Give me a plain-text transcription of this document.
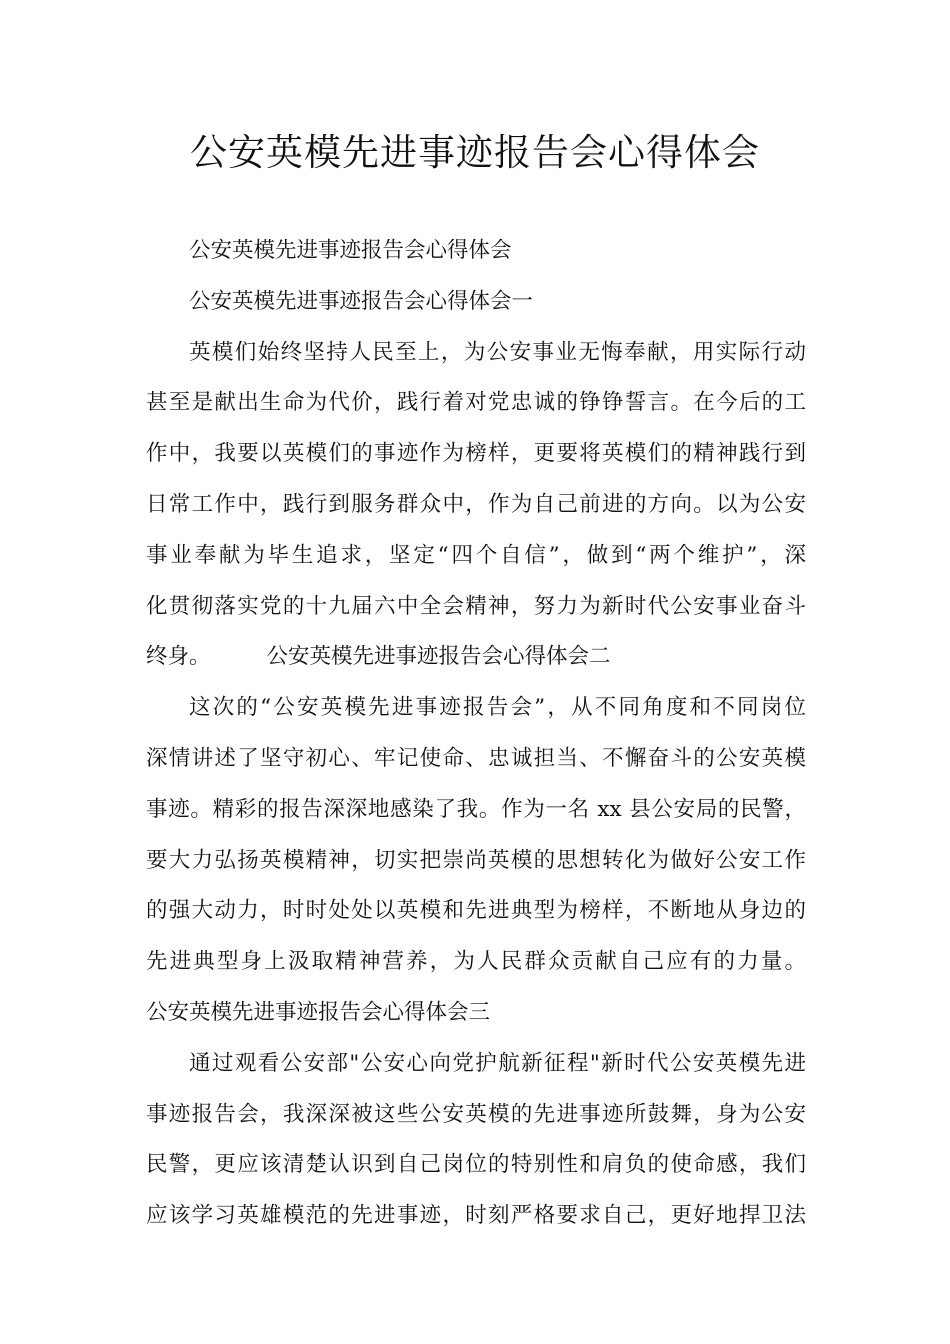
公安英模先进事迹报告会心得体会
公安英模先进事迹报告会心得体会
公安英模先进事迹报告会心得体会一
英模们始终坚持人民至上，为公安事业无悔奉献，用实际行动
甚至是献出生命为代价，践行着对党忠诚的铮铮誓言。在今后的工
作中，我要以英模们的事迹作为榜样，更要将英模们的精神践行到
日常工作中，践行到服务群众中，作为自己前进的方向。以为公安
事业奉献为毕生追求，坚定“四个自信”，做到“两个维护”，深
化贯彻落实党的十九届六中全会精神，努力为新时代公安事业奋斗
终身。	公安英模先进事迹报告会心得体会二
这次的“公安英模先进事迹报告会”，从不同角度和不同岗位
深情讲述了坚守初心、牢记使命、忠诚担当、不懈奋斗的公安英模
事迹。精彩的报告深深地感染了我。作为一名 xx 县公安局的民警，
要大力弘扬英模精神，切实把崇尚英模的思想转化为做好公安工作
的强大动力，时时处处以英模和先进典型为榜样，不断地从身边的
先进典型身上汲取精神营养，为人民群众贡献自己应有的力量。
公安英模先进事迹报告会心得体会三
通过观看公安部"公安心向党护航新征程"新时代公安英模先进
事迹报告会，我深深被这些公安英模的先进事迹所鼓舞，身为公安
民警，更应该清楚认识到自己岗位的特别性和肩负的使命感，我们
应该学习英雄模范的先进事迹，时刻严格要求自己，更好地捍卫法
